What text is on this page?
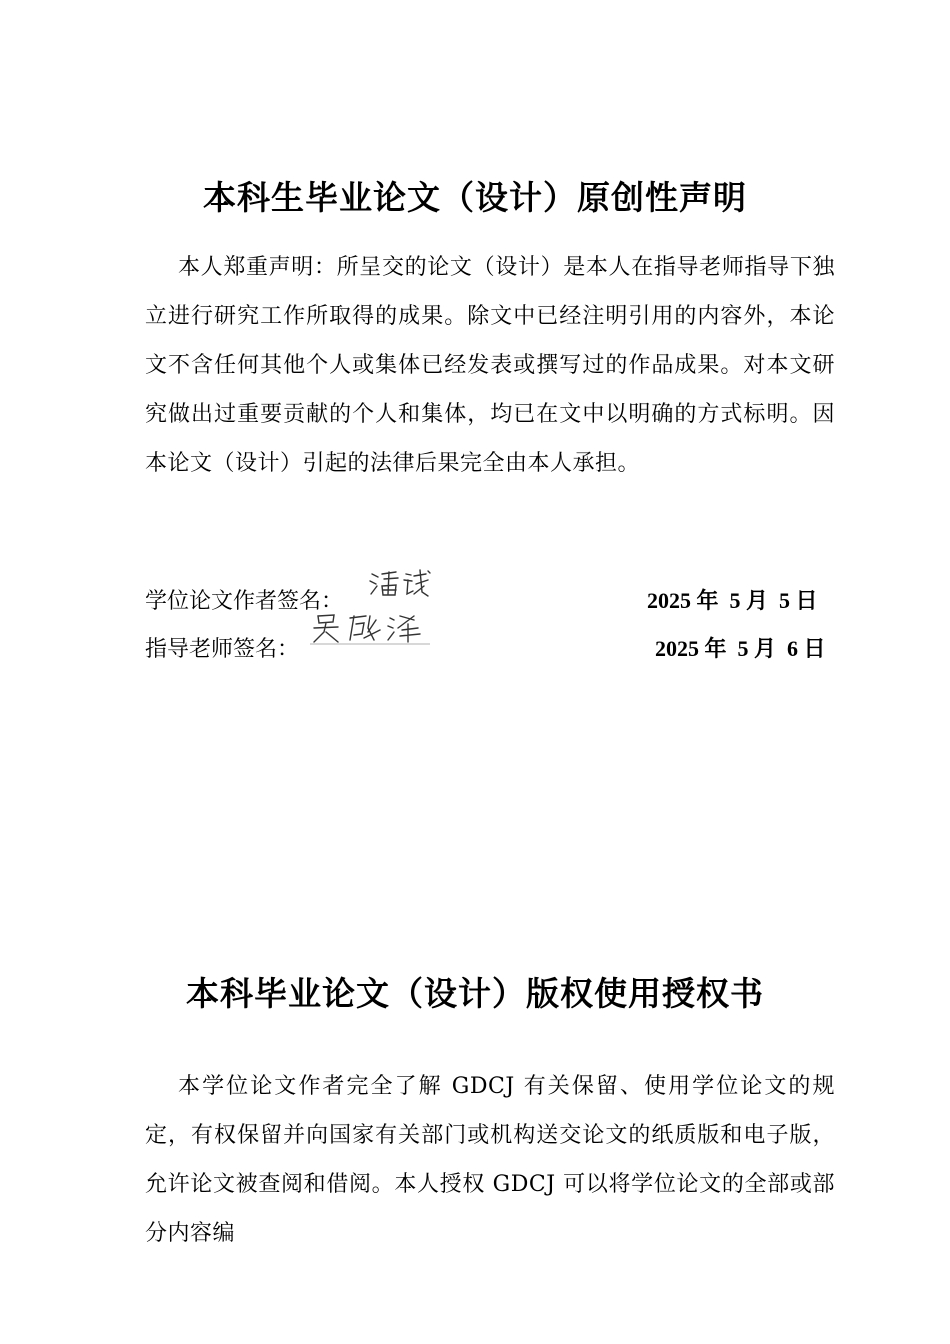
本科生毕业论文（设计）原创性声明

本人郑重声明：所呈交的论文（设计）是本人在指导老师指导下独立进行研究工作所取得的成果。除文中已经注明引用的内容外，本论文不含任何其他个人或集体已经发表或撰写过的作品成果。对本文研究做出过重要贡献的个人和集体，均已在文中以明确的方式标明。因本论文（设计）引起的法律后果完全由本人承担。

学位论文作者签名：	2025 年  5 月  5 日
指导老师签名：	2025 年  5 月  6 日
本科毕业论文（设计）版权使用授权书

本学位论文作者完全了解 GDCJ 有关保留、使用学位论文的规定，有权保留并向国家有关部门或机构送交论文的纸质版和电子版，允许论文被查阅和借阅。本人授权 GDCJ 可以将学位论文的全部或部分内容编
